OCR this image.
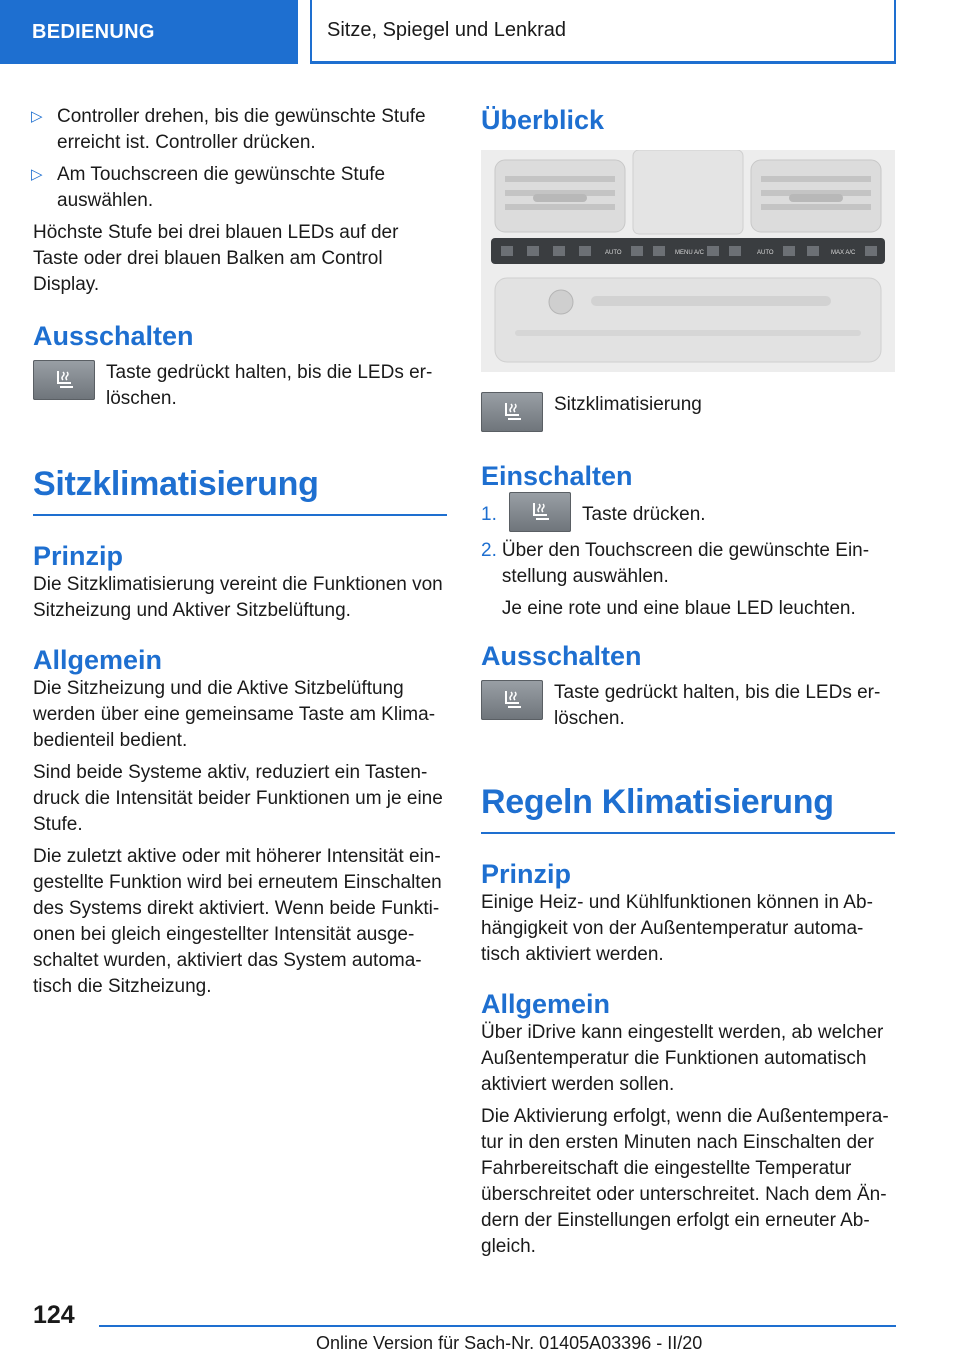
BEDIENUNG	Sitze, Spiegel und Lenkrad

▷ Controller drehen, bis die gewünschte Stufe erreicht ist. Controller drücken.

▷ Am Touchscreen die gewünschte Stufe auswählen.

Höchste Stufe bei drei blauen LEDs auf der Taste oder drei blauen Balken am Control Display.

Ausschalten

Taste gedrückt halten, bis die LEDs erlöschen.

Sitzklimatisierung
Prinzip

Die Sitzklimatisierung vereint die Funktionen von Sitzheizung und Aktiver Sitzbelüftung.

Allgemein

Die Sitzheizung und die Aktive Sitzbelüftung werden über eine gemeinsame Taste am Klimabedienteil bedient.

Sind beide Systeme aktiv, reduziert ein Tastendruck die Intensität beider Funktionen um je eine Stufe.

Die zuletzt aktive oder mit höherer Intensität eingestellte Funktion wird bei erneutem Einschalten des Systems direkt aktiviert. Wenn beide Funktionen bei gleich eingestellter Intensität ausgeschaltet wurden, aktiviert das System automatisch die Sitzheizung.

Überblick
AUTO	MENU A/C	AUTO	MAX A/C

Sitzklimatisierung

Einschalten
1.	Taste drücken.

2. Über den Touchscreen die gewünschte Einstellung auswählen.

Je eine rote und eine blaue LED leuchten.

Ausschalten

Taste gedrückt halten, bis die LEDs erlöschen.

Regeln Klimatisierung
Prinzip

Einige Heiz- und Kühlfunktionen können in Abhängigkeit von der Außentemperatur automatisch aktiviert werden.

Allgemein

Über iDrive kann eingestellt werden, ab welcher Außentemperatur die Funktionen automatisch aktiviert werden sollen.

Die Aktivierung erfolgt, wenn die Außentemperatur in den ersten Minuten nach Einschalten der Fahrbereitschaft die eingestellte Temperatur überschreitet oder unterschreitet. Nach dem Ändern der Einstellungen erfolgt ein erneuter Abgleich.

124
Online Version für Sach-Nr. 01405A03396 - II/20
